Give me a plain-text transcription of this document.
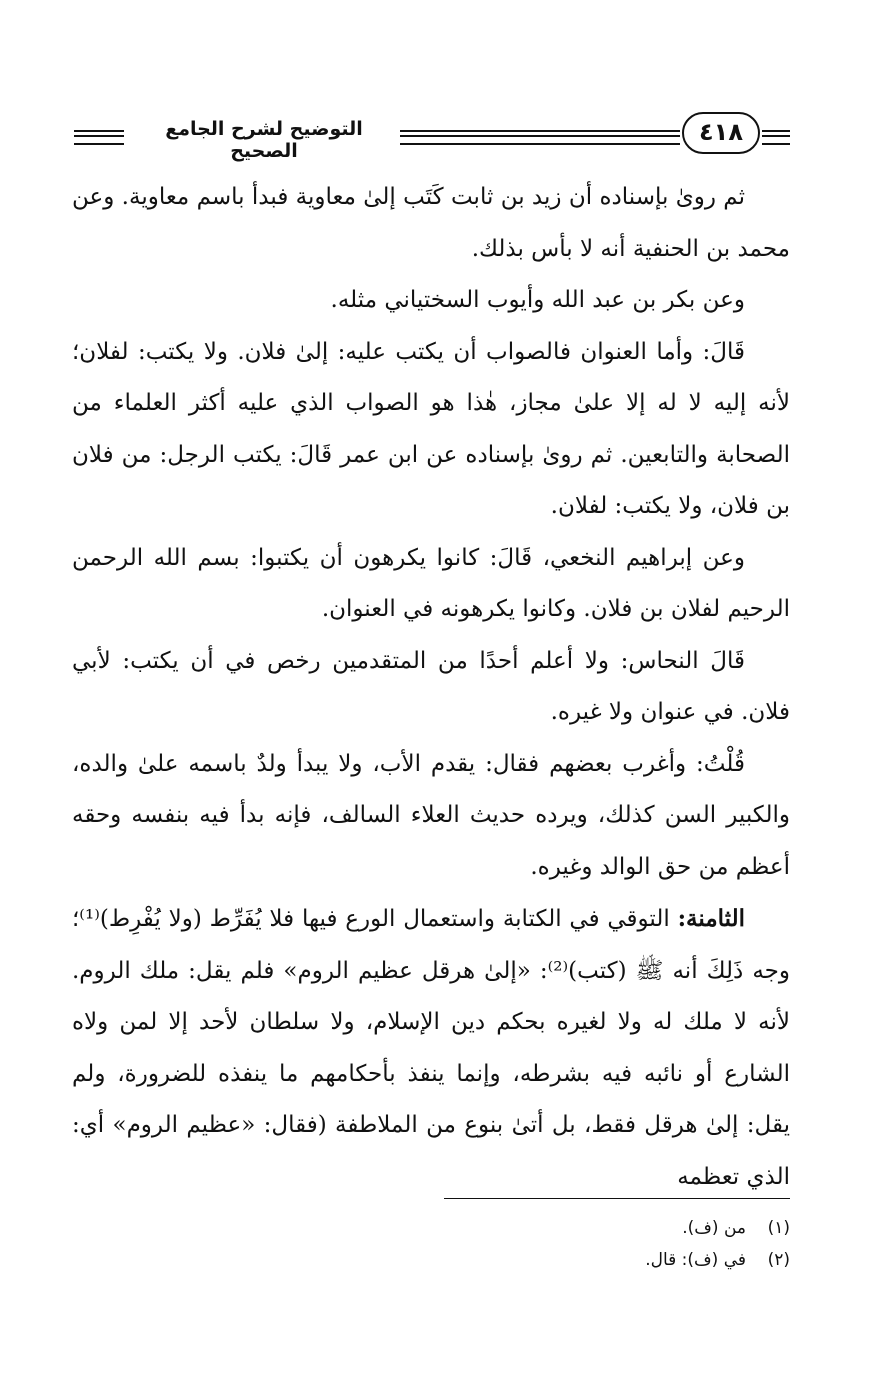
التوضيح لشرح الجامع الصحيح
٤١٨

ثم رویٰ بإسناده أن زید بن ثابت كَتَب إلیٰ معاویة فبدأ باسم معاویة. وعن محمد بن الحنفية أنه لا بأس بذلك.

وعن بكر بن عبد الله وأيوب السختياني مثله.

قَالَ: وأما العنوان فالصواب أن يكتب عليه: إلیٰ فلان. ولا يكتب: لفلان؛ لأنه إليه لا له إلا علیٰ مجاز، هٰذا هو الصواب الذي عليه أكثر العلماء من الصحابة والتابعين. ثم رویٰ بإسناده عن ابن عمر قَالَ: يكتب الرجل: من فلان بن فلان، ولا يكتب: لفلان.

وعن إبراهيم النخعي، قَالَ: كانوا يكرهون أن يكتبوا: بسم الله الرحمن الرحيم لفلان بن فلان. وكانوا يكرهونه في العنوان.

قَالَ النحاس: ولا أعلم أحدًا من المتقدمين رخص في أن يكتب: لأبي فلان. في عنوان ولا غيره.

قُلْتُ: وأغرب بعضهم فقال: يقدم الأب، ولا يبدأ ولدٌ باسمه علیٰ والده، والكبير السن كذلك، ويرده حديث العلاء السالف، فإنه بدأ فيه بنفسه وحقه أعظم من حق الوالد وغيره.

الثامنة: التوقي في الكتابة واستعمال الورع فيها فلا يُفَرِّط (ولا يُفْرِط)⁽¹⁾؛ وجه ذَلِكَ أنه ﷺ (كتب)⁽²⁾: «إلیٰ هرقل عظيم الروم» فلم يقل: ملك الروم. لأنه لا ملك له ولا لغيره بحكم دين الإسلام، ولا سلطان لأحد إلا لمن ولاه الشارع أو نائبه فيه بشرطه، وإنما ينفذ بأحكامهم ما ينفذه للضرورة، ولم يقل: إلیٰ هرقل فقط، بل أتیٰ بنوع من الملاطفة (فقال: «عظيم الروم» أي: الذي تعظمه

(١)من (ف).
(٢)في (ف): قال.
